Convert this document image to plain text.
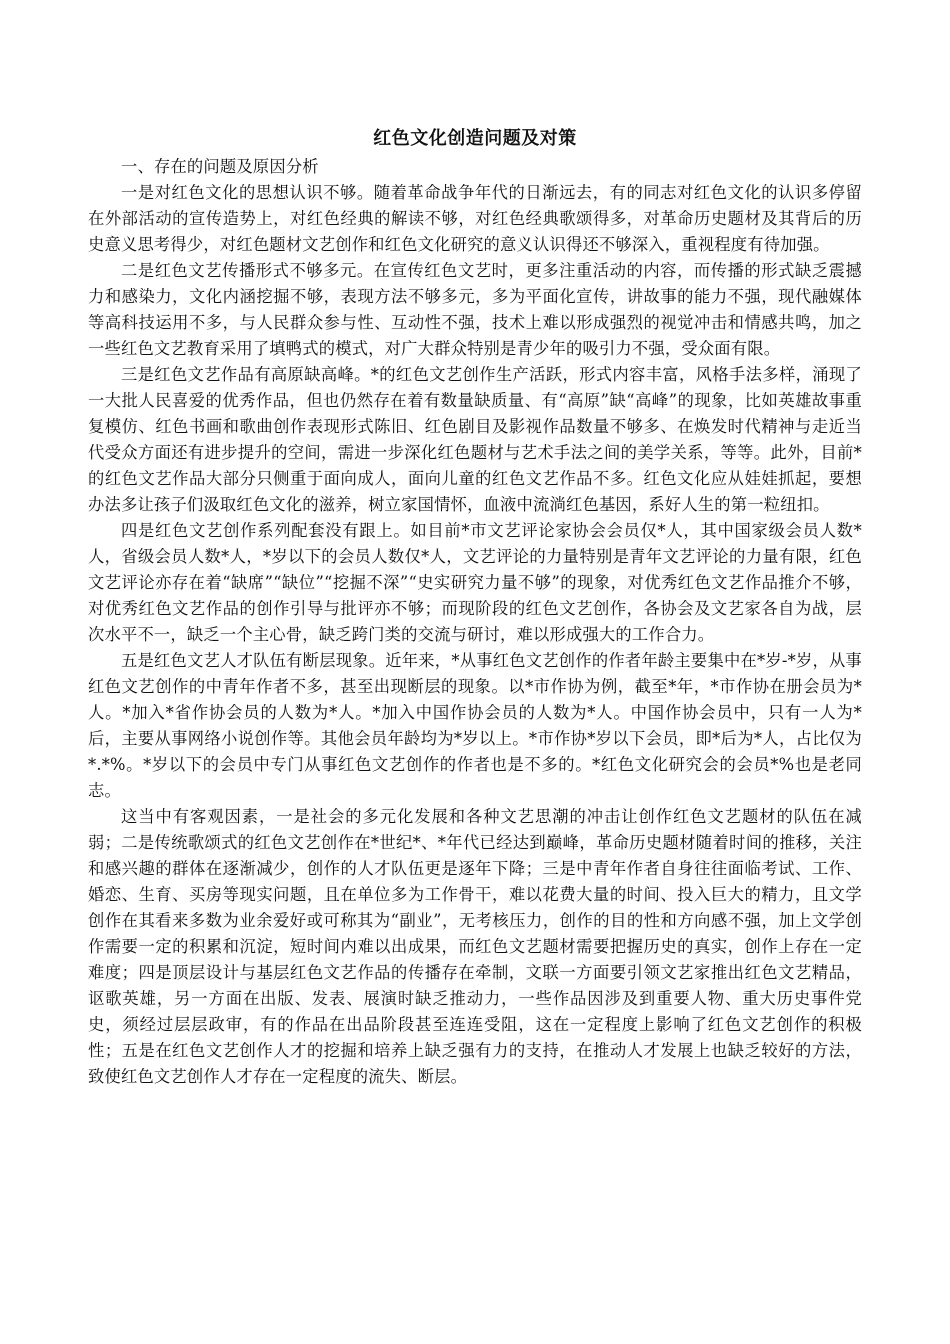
红色文化创造问题及对策

一、存在的问题及原因分析

一是对红色文化的思想认识不够。随着革命战争年代的日渐远去，有的同志对红色文化的认识多停留在外部活动的宣传造势上，对红色经典的解读不够，对红色经典歌颂得多，对革命历史题材及其背后的历史意义思考得少，对红色题材文艺创作和红色文化研究的意义认识得还不够深入，重视程度有待加强。

二是红色文艺传播形式不够多元。在宣传红色文艺时，更多注重活动的内容，而传播的形式缺乏震撼力和感染力，文化内涵挖掘不够，表现方法不够多元，多为平面化宣传，讲故事的能力不强，现代融媒体等高科技运用不多，与人民群众参与性、互动性不强，技术上难以形成强烈的视觉冲击和情感共鸣，加之一些红色文艺教育采用了填鸭式的模式，对广大群众特别是青少年的吸引力不强，受众面有限。

三是红色文艺作品有高原缺高峰。*的红色文艺创作生产活跃，形式内容丰富，风格手法多样，涌现了一大批人民喜爱的优秀作品，但也仍然存在着有数量缺质量、有“高原”缺“高峰”的现象，比如英雄故事重复模仿、红色书画和歌曲创作表现形式陈旧、红色剧目及影视作品数量不够多、在焕发时代精神与走近当代受众方面还有进步提升的空间，需进一步深化红色题材与艺术手法之间的美学关系，等等。此外，目前*的红色文艺作品大部分只侧重于面向成人，面向儿童的红色文艺作品不多。红色文化应从娃娃抓起，要想办法多让孩子们汲取红色文化的滋养，树立家国情怀，血液中流淌红色基因，系好人生的第一粒纽扣。

四是红色文艺创作系列配套没有跟上。如目前*市文艺评论家协会会员仅*人，其中国家级会员人数*人，省级会员人数*人，*岁以下的会员人数仅*人，文艺评论的力量特别是青年文艺评论的力量有限，红色文艺评论亦存在着“缺席”“缺位”“挖掘不深”“史实研究力量不够”的现象，对优秀红色文艺作品推介不够，对优秀红色文艺作品的创作引导与批评亦不够；而现阶段的红色文艺创作，各协会及文艺家各自为战，层次水平不一，缺乏一个主心骨，缺乏跨门类的交流与研讨，难以形成强大的工作合力。

五是红色文艺人才队伍有断层现象。近年来，*从事红色文艺创作的作者年龄主要集中在*岁-*岁，从事红色文艺创作的中青年作者不多，甚至出现断层的现象。以*市作协为例，截至*年，*市作协在册会员为*人。*加入*省作协会员的人数为*人。*加入中国作协会员的人数为*人。中国作协会员中，只有一人为*后，主要从事网络小说创作等。其他会员年龄均为*岁以上。*市作协*岁以下会员，即*后为*人，占比仅为*.*%。*岁以下的会员中专门从事红色文艺创作的作者也是不多的。*红色文化研究会的会员*%也是老同志。

这当中有客观因素，一是社会的多元化发展和各种文艺思潮的冲击让创作红色文艺题材的队伍在减弱；二是传统歌颂式的红色文艺创作在*世纪*、*年代已经达到巅峰，革命历史题材随着时间的推移，关注和感兴趣的群体在逐渐减少，创作的人才队伍更是逐年下降；三是中青年作者自身往往面临考试、工作、婚恋、生育、买房等现实问题，且在单位多为工作骨干，难以花费大量的时间、投入巨大的精力，且文学创作在其看来多数为业余爱好或可称其为“副业”，无考核压力，创作的目的性和方向感不强，加上文学创作需要一定的积累和沉淀，短时间内难以出成果，而红色文艺题材需要把握历史的真实，创作上存在一定难度；四是顶层设计与基层红色文艺作品的传播存在牵制，文联一方面要引领文艺家推出红色文艺精品，讴歌英雄，另一方面在出版、发表、展演时缺乏推动力，一些作品因涉及到重要人物、重大历史事件党史，须经过层层政审，有的作品在出品阶段甚至连连受阻，这在一定程度上影响了红色文艺创作的积极性；五是在红色文艺创作人才的挖掘和培养上缺乏强有力的支持，在推动人才发展上也缺乏较好的方法，致使红色文艺创作人才存在一定程度的流失、断层。
